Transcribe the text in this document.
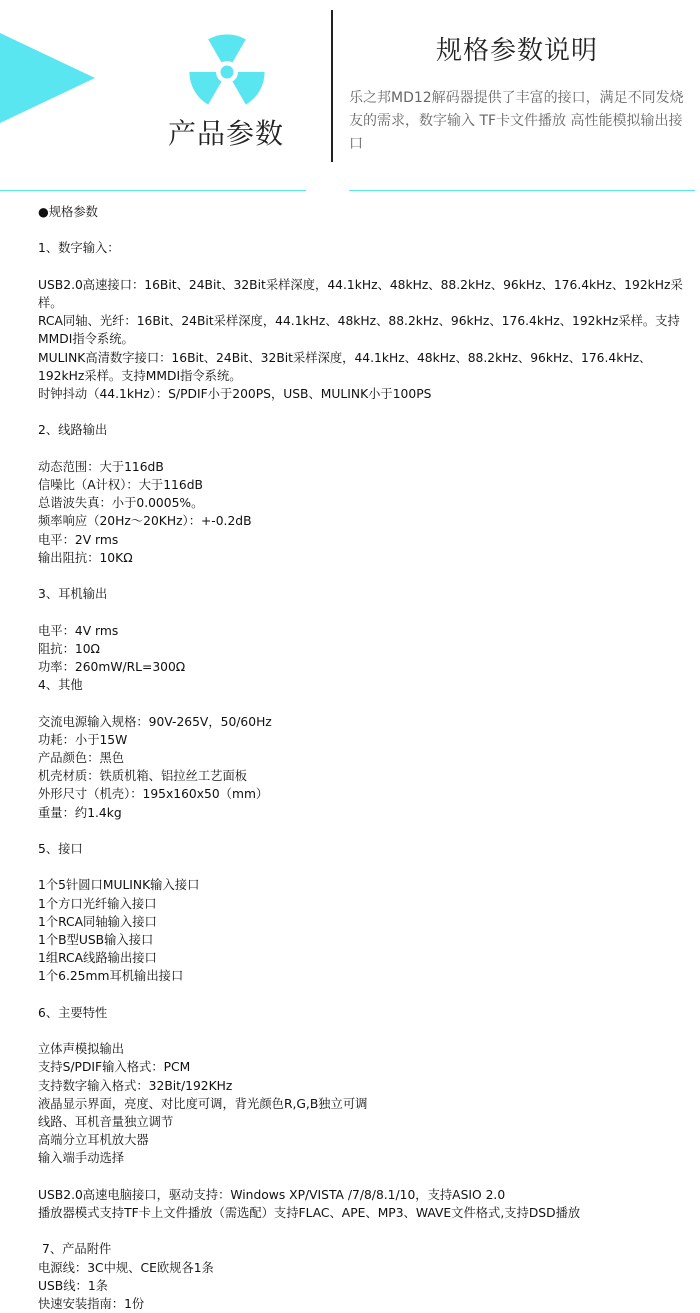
产品参数
规格参数说明
乐之邦MD12解码器提供了丰富的接口，满足不同发烧友的需求，数字输入 TF卡文件播放 高性能模拟输出接口
●规格参数
1、数字输入：
USB2.0高速接口：16Bit、24Bit、32Bit采样深度，44.1kHz、48kHz、88.2kHz、96kHz、176.4kHz、192kHz采样。
RCA同轴、光纤：16Bit、24Bit采样深度，44.1kHz、48kHz、88.2kHz、96kHz、176.4kHz、192kHz采样。支持MMDI指令系统。
MULINK高清数字接口：16Bit、24Bit、32Bit采样深度，44.1kHz、48kHz、88.2kHz、96kHz、176.4kHz、192kHz采样。支持MMDI指令系统。
时钟抖动（44.1kHz）：S/PDIF小于200PS，USB、MULINK小于100PS
2、线路输出
动态范围：大于116dB
信噪比（A计权）：大于116dB
总谐波失真：小于0.0005%。
频率响应（20Hz～20KHz）：+-0.2dB
电平：2V rms
输出阻抗：10KΩ
3、耳机输出
电平：4V rms
阻抗：10Ω
功率：260mW/RL=300Ω
4、其他
交流电源输入规格：90V-265V，50/60Hz
功耗：小于15W
产品颜色：黑色
机壳材质：铁质机箱、铝拉丝工艺面板
外形尺寸（机壳）：195x160x50（mm）
重量：约1.4kg
5、接口
1个5针圆口MULINK输入接口
1个方口光纤输入接口
1个RCA同轴输入接口
1个B型USB输入接口
1组RCA线路输出接口
1个6.25mm耳机输出接口
6、主要特性
立体声模拟输出
支持S/PDIF输入格式：PCM
支持数字输入格式：32Bit/192KHz
液晶显示界面，亮度、对比度可调，背光颜色R,G,B独立可调
线路、耳机音量独立调节
高端分立耳机放大器
输入端手动选择
USB2.0高速电脑接口，驱动支持：Windows XP/VISTA /7/8/8.1/10，支持ASIO 2.0
播放器模式支持TF卡上文件播放（需选配）支持FLAC、APE、MP3、WAVE文件格式,支持DSD播放
7、产品附件
电源线：3C中规、CE欧规各1条
USB线：1条
快速安装指南：1份
